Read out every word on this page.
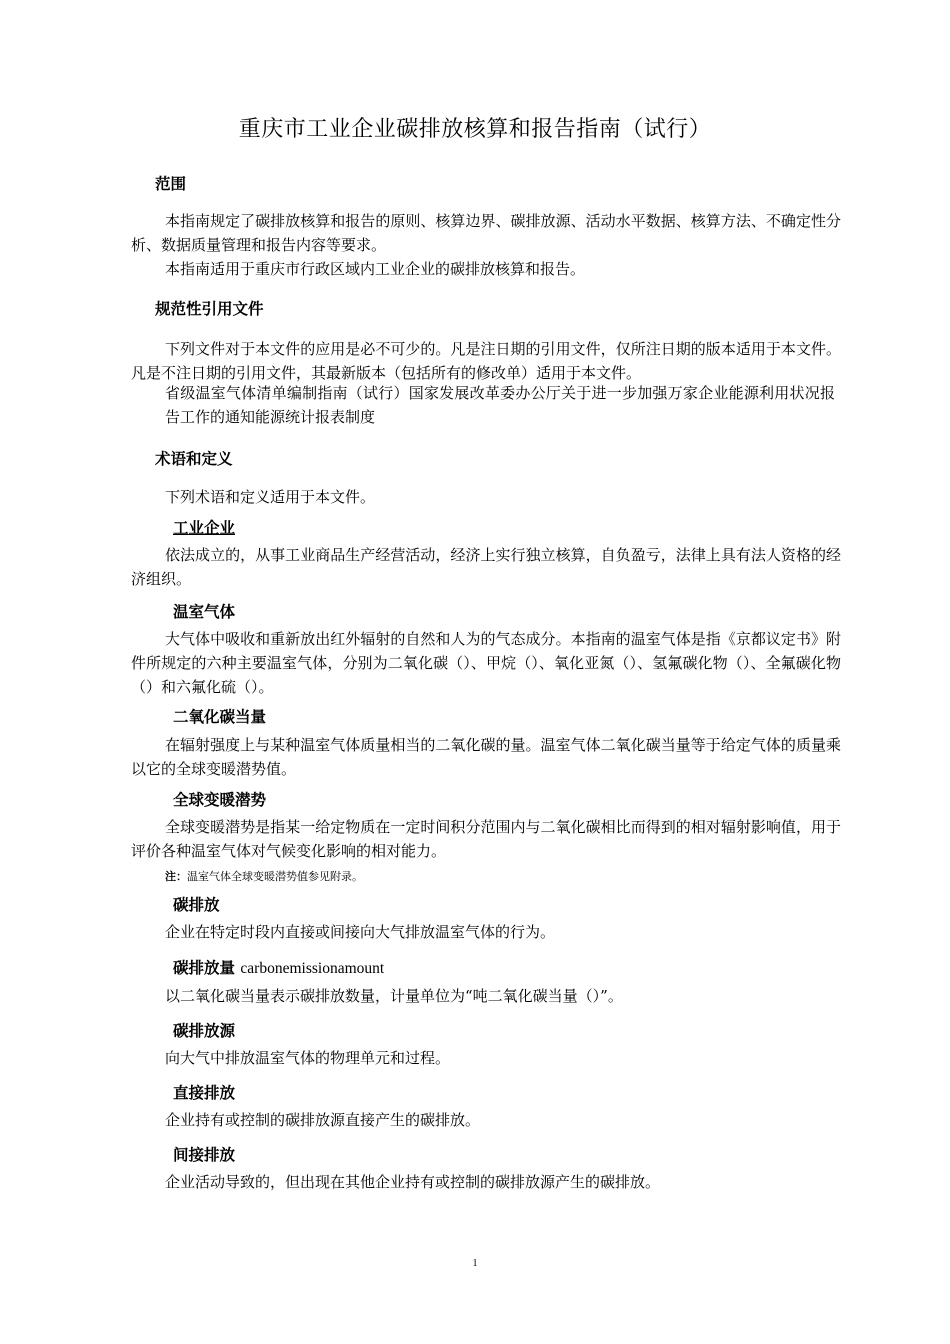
重庆市工业企业碳排放核算和报告指南（试行）
范围
本指南规定了碳排放核算和报告的原则、核算边界、碳排放源、活动水平数据、核算方法、不确定性分析、数据质量管理和报告内容等要求。
本指南适用于重庆市行政区域内工业企业的碳排放核算和报告。
规范性引用文件
下列文件对于本文件的应用是必不可少的。凡是注日期的引用文件，仅所注日期的版本适用于本文件。凡是不注日期的引用文件，其最新版本（包括所有的修改单）适用于本文件。
省级温室气体清单编制指南（试行）国家发展改革委办公厅关于进一步加强万家企业能源利用状况报告工作的通知能源统计报表制度
术语和定义
下列术语和定义适用于本文件。
工业企业
依法成立的，从事工业商品生产经营活动，经济上实行独立核算，自负盈亏，法律上具有法人资格的经济组织。
温室气体
大气体中吸收和重新放出红外辐射的自然和人为的气态成分。本指南的温室气体是指《京都议定书》附件所规定的六种主要温室气体，分别为二氧化碳（）、甲烷（）、氧化亚氮（）、氢氟碳化物（）、全氟碳化物（）和六氟化硫（）。
二氧化碳当量
在辐射强度上与某种温室气体质量相当的二氧化碳的量。温室气体二氧化碳当量等于给定气体的质量乘以它的全球变暖潜势值。
全球变暖潜势
全球变暖潜势是指某一给定物质在一定时间积分范围内与二氧化碳相比而得到的相对辐射影响值，用于评价各种温室气体对气候变化影响的相对能力。
注：温室气体全球变暖潜势值参见附录。
碳排放
企业在特定时段内直接或间接向大气排放温室气体的行为。
碳排放量 carbonemissionamount
以二氧化碳当量表示碳排放数量，计量单位为“吨二氧化碳当量（）”。
碳排放源
向大气中排放温室气体的物理单元和过程。
直接排放
企业持有或控制的碳排放源直接产生的碳排放。
间接排放
企业活动导致的，但出现在其他企业持有或控制的碳排放源产生的碳排放。
1
